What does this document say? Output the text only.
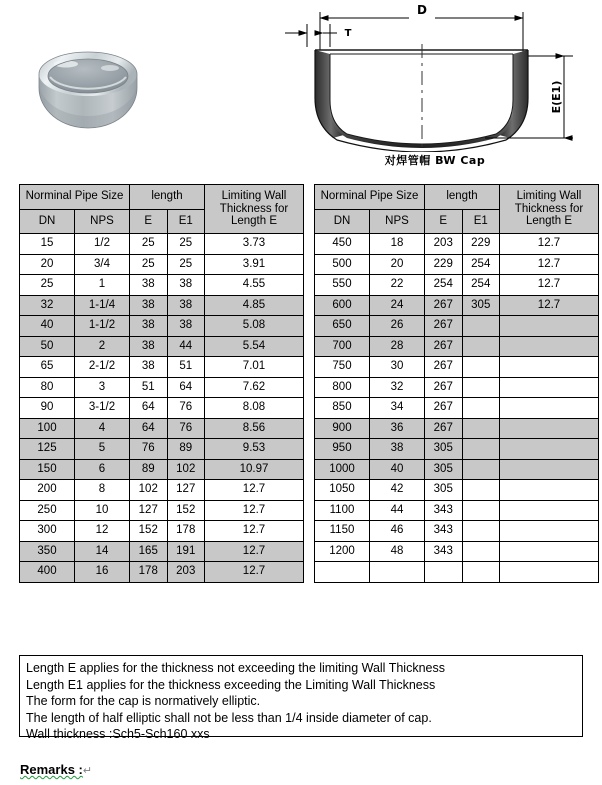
D
T
E(E1)
对焊管帽 BW Cap
Norminal Pipe Size		length		Limiting Wall Thickness for Length E
DN	NPS	E	E1	
15	1/2	25	25	3.73
20	3/4	25	25	3.91
25	1	38	38	4.55
32	1-1/4	38	38	4.85
40	1-1/2	38	38	5.08
50	2	38	44	5.54
65	2-1/2	38	51	7.01
80	3	51	64	7.62
90	3-1/2	64	76	8.08
100	4	64	76	8.56
125	5	76	89	9.53
150	6	89	102	10.97
200	8	102	127	12.7
250	10	127	152	12.7
300	12	152	178	12.7
350	14	165	191	12.7
400	16	178	203	12.7
Norminal Pipe Size		length		Limiting Wall Thickness for Length E
DN	NPS	E	E1	
450	18	203	229	12.7
500	20	229	254	12.7
550	22	254	254	12.7
600	24	267	305	12.7
650	26	267		
700	28	267		
750	30	267		
800	32	267		
850	34	267		
900	36	267		
950	38	305		
1000	40	305		
1050	42	305		
1100	44	343		
1150	46	343		
1200	48	343		

Length E applies for the thickness not exceeding the limiting Wall Thickness

Length E1 applies for the thickness exceeding the Limiting Wall Thickness

The form for the cap is normatively elliptic.

The length of half elliptic shall not be less than 1/4 inside diameter of cap.

Wall thickness :Sch5-Sch160 xxs

Remarks :↵
